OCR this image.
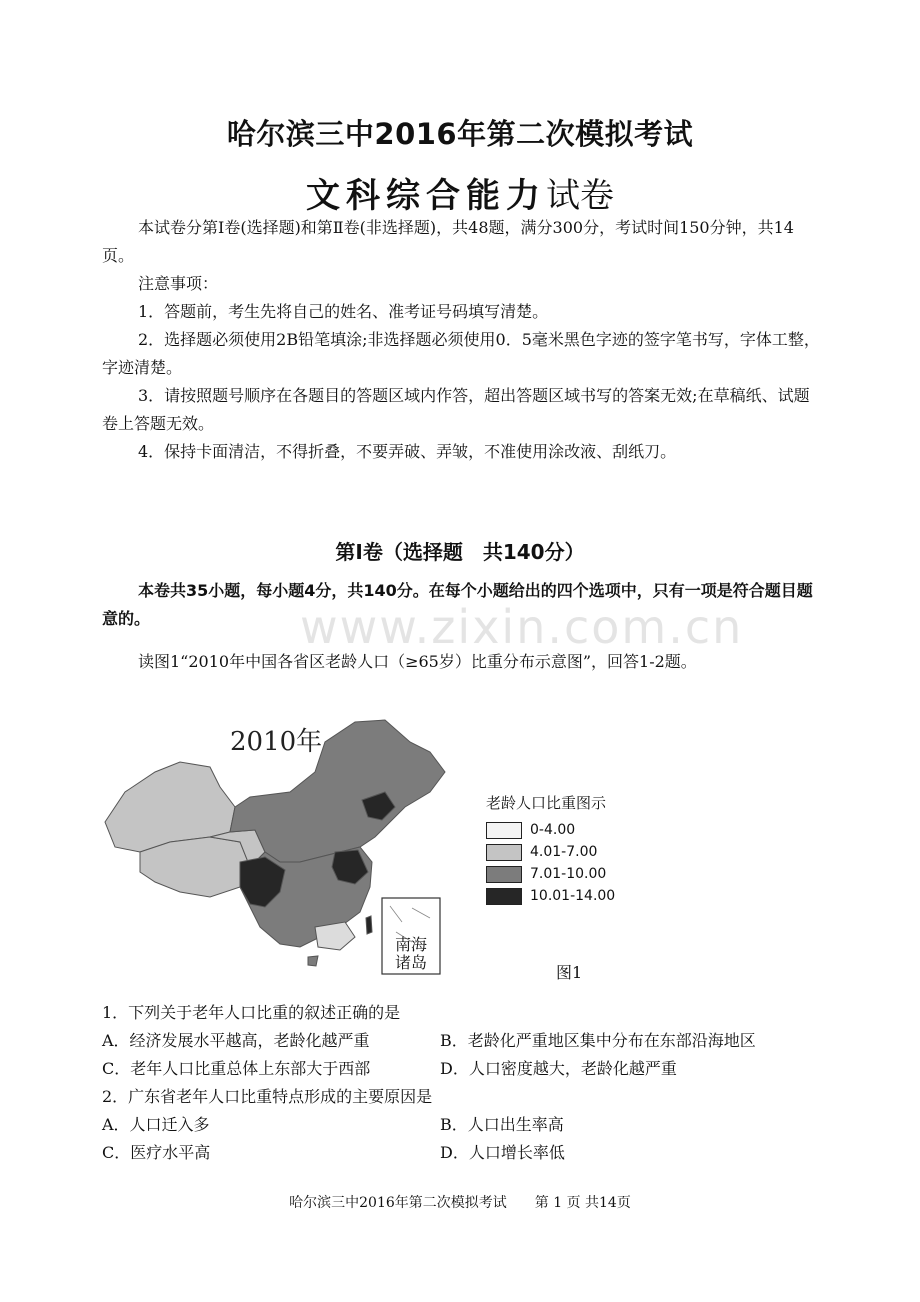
哈尔滨三中2016年第二次模拟考试
文科综合能力试卷
本试卷分第Ⅰ卷(选择题)和第Ⅱ卷(非选择题)，共48题，满分300分，考试时间150分钟，共14页。
注意事项：
1．答题前，考生先将自己的姓名、准考证号码填写清楚。
2．选择题必须使用2B铅笔填涂;非选择题必须使用0．5毫米黑色字迹的签字笔书写，字体工整，字迹清楚。
3．请按照题号顺序在各题目的答题区域内作答，超出答题区域书写的答案无效;在草稿纸、试题卷上答题无效。
4．保持卡面清洁，不得折叠，不要弄破、弄皱，不准使用涂改液、刮纸刀。
www.zixin.com.cn
第Ⅰ卷（选择题　共140分）
本卷共35小题，每小题4分，共140分。在每个小题给出的四个选项中，只有一项是符合题目题意的。
读图1“2010年中国各省区老龄人口（≥65岁）比重分布示意图”，回答1-2题。
2010年
南海
诸岛
老龄人口比重图示
0-4.00
4.01-7.00
7.01-10.00
10.01-14.00
图1
1．下列关于老年人口比重的叙述正确的是
A．经济发展水平越高，老龄化越严重	B．老龄化严重地区集中分布在东部沿海地区
C．老年人口比重总体上东部大于西部	D．人口密度越大，老龄化越严重
2．广东省老年人口比重特点形成的主要原因是
A．人口迁入多	B．人口出生率高
C．医疗水平高	D．人口增长率低
哈尔滨三中2016年第二次模拟考试　　第 1 页 共14页
